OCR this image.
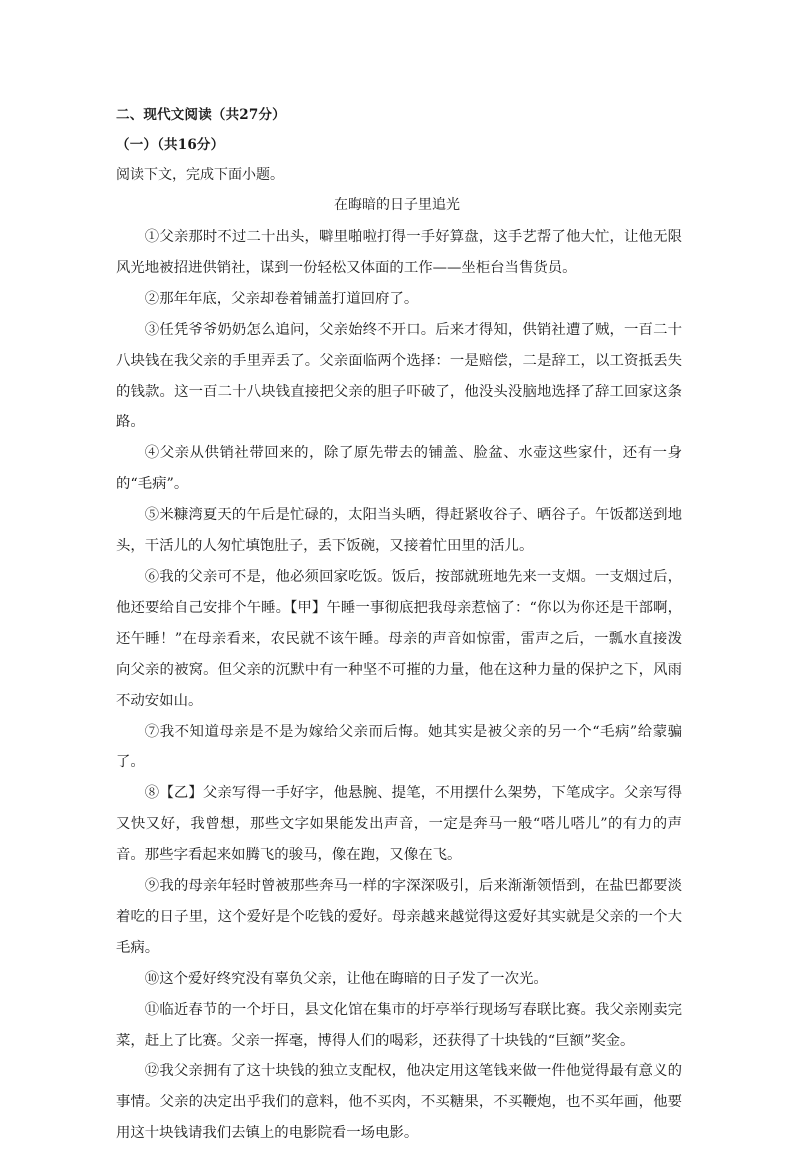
二、现代文阅读（共27分）
（一）（共16分）
阅读下文，完成下面小题。
在晦暗的日子里追光

①父亲那时不过二十出头，噼里啪啦打得一手好算盘，这手艺帮了他大忙，让他无限风光地被招进供销社，谋到一份轻松又体面的工作——坐柜台当售货员。

②那年年底，父亲却卷着铺盖打道回府了。

③任凭爷爷奶奶怎么追问，父亲始终不开口。后来才得知，供销社遭了贼，一百二十八块钱在我父亲的手里弄丢了。父亲面临两个选择：一是赔偿，二是辞工，以工资抵丢失的钱款。这一百二十八块钱直接把父亲的胆子吓破了，他没头没脑地选择了辞工回家这条路。

④父亲从供销社带回来的，除了原先带去的铺盖、脸盆、水壶这些家什，还有一身的“毛病”。

⑤米糠湾夏天的午后是忙碌的，太阳当头晒，得赶紧收谷子、晒谷子。午饭都送到地头，干活儿的人匆忙填饱肚子，丢下饭碗，又接着忙田里的活儿。

⑥我的父亲可不是，他必须回家吃饭。饭后，按部就班地先来一支烟。一支烟过后，他还要给自己安排个午睡。【甲】午睡一事彻底把我母亲惹恼了：“你以为你还是干部啊，还午睡！”在母亲看来，农民就不该午睡。母亲的声音如惊雷，雷声之后，一瓢水直接泼向父亲的被窝。但父亲的沉默中有一种坚不可摧的力量，他在这种力量的保护之下，风雨不动安如山。

⑦我不知道母亲是不是为嫁给父亲而后悔。她其实是被父亲的另一个“毛病”给蒙骗了。

⑧【乙】父亲写得一手好字，他悬腕、提笔，不用摆什么架势，下笔成字。父亲写得又快又好，我曾想，那些文字如果能发出声音，一定是奔马一般“嗒儿嗒儿”的有力的声音。那些字看起来如腾飞的骏马，像在跑，又像在飞。

⑨我的母亲年轻时曾被那些奔马一样的字深深吸引，后来渐渐领悟到，在盐巴都要淡着吃的日子里，这个爱好是个吃钱的爱好。母亲越来越觉得这爱好其实就是父亲的一个大毛病。

⑩这个爱好终究没有辜负父亲，让他在晦暗的日子发了一次光。

⑪临近春节的一个圩日，县文化馆在集市的圩亭举行现场写春联比赛。我父亲刚卖完菜，赶上了比赛。父亲一挥毫，博得人们的喝彩，还获得了十块钱的“巨额”奖金。

⑫我父亲拥有了这十块钱的独立支配权，他决定用这笔钱来做一件他觉得最有意义的事情。父亲的决定出乎我们的意料，他不买肉，不买糖果，不买鞭炮，也不买年画，他要用这十块钱请我们去镇上的电影院看一场电影。
